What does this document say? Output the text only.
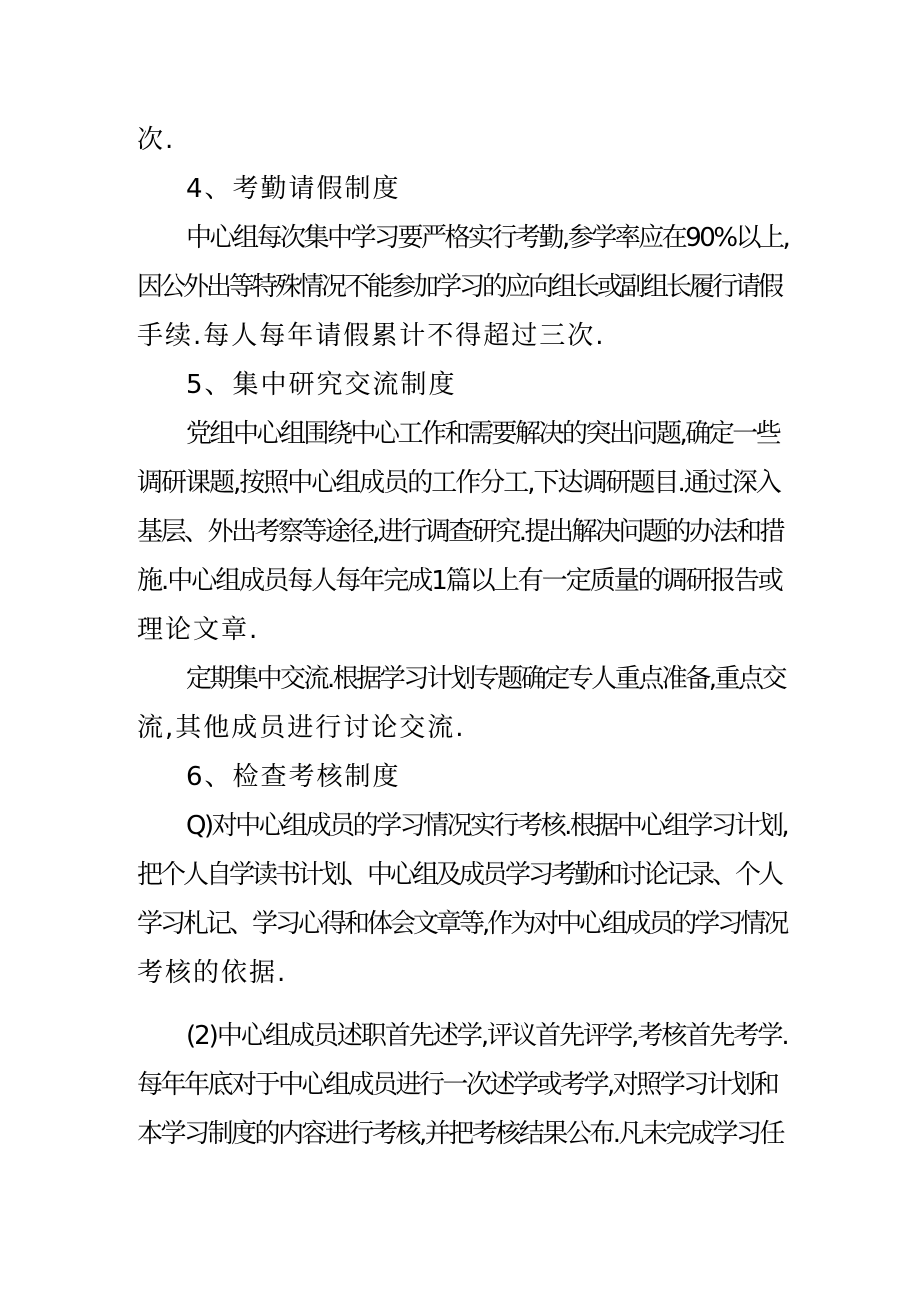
次.
4、考勤请假制度
中心组每次集中学习要严格实行考勤,参学率应在90%以上,
因公外出等特殊情况不能参加学习的应向组长或副组长履行请假
手续.每人每年请假累计不得超过三次.
5、集中研究交流制度
党组中心组围绕中心工作和需要解决的突出问题,确定一些
调研课题,按照中心组成员的工作分工,下达调研题目.通过深入
基层、外出考察等途径,进行调查研究.提出解决问题的办法和措
施.中心组成员每人每年完成1篇以上有一定质量的调研报告或
理论文章.
定期集中交流.根据学习计划专题确定专人重点准备,重点交
流,其他成员进行讨论交流.
6、检查考核制度
Q)对中心组成员的学习情况实行考核.根据中心组学习计划,
把个人自学读书计划、中心组及成员学习考勤和讨论记录、个人
学习札记、学习心得和体会文章等,作为对中心组成员的学习情况
考核的依据.
(2)中心组成员述职首先述学,评议首先评学,考核首先考学.
每年年底对于中心组成员进行一次述学或考学,对照学习计划和
本学习制度的内容进行考核,并把考核结果公布.凡未完成学习任
